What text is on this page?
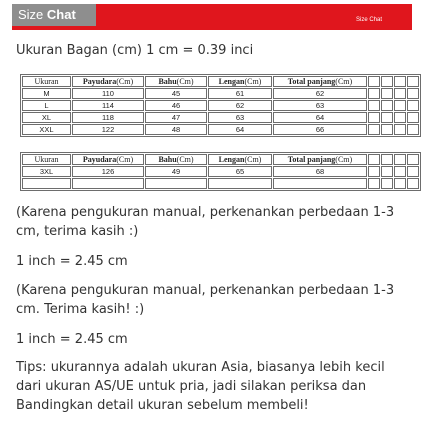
Size Chat	Size Chat
Ukuran Bagan (cm) 1 cm = 0.39 inci
Ukuran	Payudara(Cm)	Bahu(Cm)	Lengan(Cm)	Total panjang(Cm)				
M	110	45	61	62				
L	114	46	62	63				
XL	118	47	63	64				
XXL	122	48	64	66				
Ukuran	Payudara(Cm)	Bahu(Cm)	Lengan(Cm)	Total panjang(Cm)				
3XL	126	49	65	68				

(Karena pengukuran manual, perkenankan perbedaan 1-3 cm, terima kasih :)
1 inch = 2.45 cm
(Karena pengukuran manual, perkenankan perbedaan 1-3 cm. Terima kasih! :)
1 inch = 2.45 cm
Tips: ukurannya adalah ukuran Asia, biasanya lebih kecil dari ukuran AS/UE untuk pria, jadi silakan periksa dan Bandingkan detail ukuran sebelum membeli!
